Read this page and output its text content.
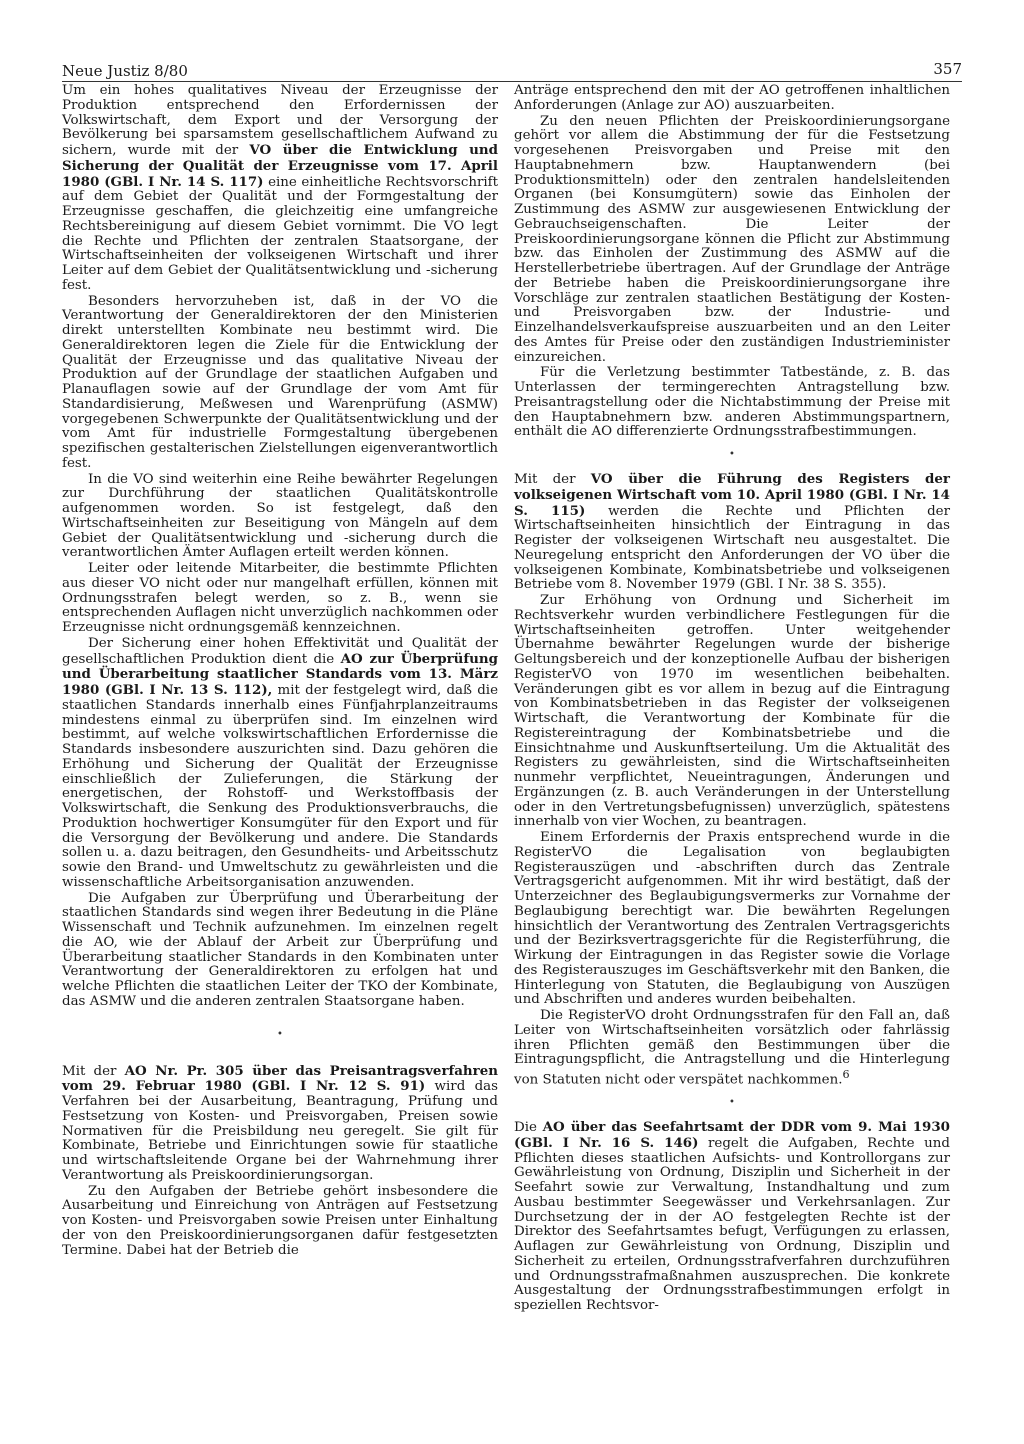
Neue Justiz 8/80	357

Um ein hohes qualitatives Niveau der Erzeugnisse der Produktion entsprechend den Erfordernissen der Volkswirtschaft, dem Export und der Versorgung der Bevölkerung bei sparsamstem gesellschaftlichem Aufwand zu sichern, wurde mit der VO über die Entwicklung und Sicherung der Qualität der Erzeugnisse vom 17. April 1980 (GBl. I Nr. 14 S. 117) eine einheitliche Rechtsvorschrift auf dem Gebiet der Qualität und der Formgestaltung der Erzeugnisse geschaffen, die gleichzeitig eine umfangreiche Rechtsbereinigung auf diesem Gebiet vornimmt. Die VO legt die Rechte und Pflichten der zentralen Staatsorgane, der Wirtschaftseinheiten der volkseigenen Wirtschaft und ihrer Leiter auf dem Gebiet der Qualitätsentwicklung und -sicherung fest.

Besonders hervorzuheben ist, daß in der VO die Verantwortung der Generaldirektoren der den Ministerien direkt unterstellten Kombinate neu bestimmt wird. Die Generaldirektoren legen die Ziele für die Entwicklung der Qualität der Erzeugnisse und das qualitative Niveau der Produktion auf der Grundlage der staatlichen Aufgaben und Planauflagen sowie auf der Grundlage der vom Amt für Standardisierung, Meßwesen und Warenprüfung (ASMW) vorgegebenen Schwerpunkte der Qualitätsentwicklung und der vom Amt für industrielle Formgestaltung übergebenen spezifischen gestalterischen Zielstellungen eigenverantwortlich fest.

In die VO sind weiterhin eine Reihe bewährter Regelungen zur Durchführung der staatlichen Qualitätskontrolle aufgenommen worden. So ist festgelegt, daß den Wirtschaftseinheiten zur Beseitigung von Mängeln auf dem Gebiet der Qualitätsentwicklung und -sicherung durch die verantwortlichen Ämter Auflagen erteilt werden können.

Leiter oder leitende Mitarbeiter, die bestimmte Pflichten aus dieser VO nicht oder nur mangelhaft erfüllen, können mit Ordnungsstrafen belegt werden, so z. B., wenn sie entsprechenden Auflagen nicht unverzüglich nachkommen oder Erzeugnisse nicht ordnungsgemäß kennzeichnen.

Der Sicherung einer hohen Effektivität und Qualität der gesellschaftlichen Produktion dient die AO zur Überprüfung und Überarbeitung staatlicher Standards vom 13. März 1980 (GBl. I Nr. 13 S. 112), mit der festgelegt wird, daß die staatlichen Standards innerhalb eines Fünfjahrplanzeitraums mindestens einmal zu überprüfen sind. Im einzelnen wird bestimmt, auf welche volkswirtschaftlichen Erfordernisse die Standards insbesondere auszurichten sind. Dazu gehören die Erhöhung und Sicherung der Qualität der Erzeugnisse einschließlich der Zulieferungen, die Stärkung der energetischen, der Rohstoff- und Werkstoffbasis der Volkswirtschaft, die Senkung des Produktionsverbrauchs, die Produktion hochwertiger Konsumgüter für den Export und für die Versorgung der Bevölkerung und andere. Die Standards sollen u. a. dazu beitragen, den Gesundheits- und Arbeitsschutz sowie den Brand- und Umweltschutz zu gewährleisten und die wissenschaftliche Arbeitsorganisation anzuwenden.

Die Aufgaben zur Überprüfung und Überarbeitung der staatlichen Standards sind wegen ihrer Bedeutung in die Pläne Wissenschaft und Technik aufzunehmen. Im einzelnen regelt die AO, wie der Ablauf der Arbeit zur Überprüfung und Überarbeitung staatlicher Standards in den Kombinaten unter Verantwortung der Generaldirektoren zu erfolgen hat und welche Pflichten die staatlichen Leiter der TKO der Kombinate, das ASMW und die anderen zentralen Staatsorgane haben.

•

Mit der AO Nr. Pr. 305 über das Preisantragsverfahren vom 29. Februar 1980 (GBl. I Nr. 12 S. 91) wird das Verfahren bei der Ausarbeitung, Beantragung, Prüfung und Festsetzung von Kosten- und Preisvorgaben, Preisen sowie Normativen für die Preisbildung neu geregelt. Sie gilt für Kombinate, Betriebe und Einrichtungen sowie für staatliche und wirtschaftsleitende Organe bei der Wahrnehmung ihrer Verantwortung als Preiskoordinierungsorgan.

Zu den Aufgaben der Betriebe gehört insbesondere die Ausarbeitung und Einreichung von Anträgen auf Festsetzung von Kosten- und Preisvorgaben sowie Preisen unter Einhaltung der von den Preiskoordinierungsorganen dafür festgesetzten Termine. Dabei hat der Betrieb die

Anträge entsprechend den mit der AO getroffenen inhaltlichen Anforderungen (Anlage zur AO) auszuarbeiten.

Zu den neuen Pflichten der Preiskoordinierungsorgane gehört vor allem die Abstimmung der für die Festsetzung vorgesehenen Preisvorgaben und Preise mit den Hauptabnehmern bzw. Hauptanwendern (bei Produktionsmitteln) oder den zentralen handelsleitenden Organen (bei Konsumgütern) sowie das Einholen der Zustimmung des ASMW zur ausgewiesenen Entwicklung der Gebrauchseigenschaften. Die Leiter der Preiskoordinierungsorgane können die Pflicht zur Abstimmung bzw. das Einholen der Zustimmung des ASMW auf die Herstellerbetriebe übertragen. Auf der Grundlage der Anträge der Betriebe haben die Preiskoordinierungsorgane ihre Vorschläge zur zentralen staatlichen Bestätigung der Kosten- und Preisvorgaben bzw. der Industrie- und Einzelhandelsverkaufspreise auszuarbeiten und an den Leiter des Amtes für Preise oder den zuständigen Industrieminister einzureichen.

Für die Verletzung bestimmter Tatbestände, z. B. das Unterlassen der termingerechten Antragstellung bzw. Preisantragstellung oder die Nichtabstimmung der Preise mit den Hauptabnehmern bzw. anderen Abstimmungspartnern, enthält die AO differenzierte Ordnungsstrafbestimmungen.

•

Mit der VO über die Führung des Registers der volkseigenen Wirtschaft vom 10. April 1980 (GBl. I Nr. 14 S. 115) werden die Rechte und Pflichten der Wirtschaftseinheiten hinsichtlich der Eintragung in das Register der volkseigenen Wirtschaft neu ausgestaltet. Die Neuregelung entspricht den Anforderungen der VO über die volkseigenen Kombinate, Kombinatsbetriebe und volkseigenen Betriebe vom 8. November 1979 (GBl. I Nr. 38 S. 355).

Zur Erhöhung von Ordnung und Sicherheit im Rechtsverkehr wurden verbindlichere Festlegungen für die Wirtschaftseinheiten getroffen. Unter weitgehender Übernahme bewährter Regelungen wurde der bisherige Geltungsbereich und der konzeptionelle Aufbau der bisherigen RegisterVO von 1970 im wesentlichen beibehalten. Veränderungen gibt es vor allem in bezug auf die Eintragung von Kombinatsbetrieben in das Register der volkseigenen Wirtschaft, die Verantwortung der Kombinate für die Registereintragung der Kombinatsbetriebe und die Einsichtnahme und Auskunftserteilung. Um die Aktualität des Registers zu gewährleisten, sind die Wirtschaftseinheiten nunmehr verpflichtet, Neueintragungen, Änderungen und Ergänzungen (z. B. auch Veränderungen in der Unterstellung oder in den Vertretungsbefugnissen) unverzüglich, spätestens innerhalb von vier Wochen, zu beantragen.

Einem Erfordernis der Praxis entsprechend wurde in die RegisterVO die Legalisation von beglaubigten Registerauszügen und -abschriften durch das Zentrale Vertragsgericht aufgenommen. Mit ihr wird bestätigt, daß der Unterzeichner des Beglaubigungsvermerks zur Vornahme der Beglaubigung berechtigt war. Die bewährten Regelungen hinsichtlich der Verantwortung des Zentralen Vertragsgerichts und der Bezirksvertragsgerichte für die Registerführung, die Wirkung der Eintragungen in das Register sowie die Vorlage des Registerauszuges im Geschäftsverkehr mit den Banken, die Hinterlegung von Statuten, die Beglaubigung von Auszügen und Abschriften und anderes wurden beibehalten.

Die RegisterVO droht Ordnungsstrafen für den Fall an, daß Leiter von Wirtschaftseinheiten vorsätzlich oder fahrlässig ihren Pflichten gemäß den Bestimmungen über die Eintragungspflicht, die Antragstellung und die Hinterlegung von Statuten nicht oder verspätet nachkommen.$^6$

•

Die AO über das Seefahrtsamt der DDR vom 9. Mai 1930 (GBl. I Nr. 16 S. 146) regelt die Aufgaben, Rechte und Pflichten dieses staatlichen Aufsichts- und Kontrollorgans zur Gewährleistung von Ordnung, Disziplin und Sicherheit in der Seefahrt sowie zur Verwaltung, Instandhaltung und zum Ausbau bestimmter Seegewässer und Verkehrsanlagen. Zur Durchsetzung der in der AO festgelegten Rechte ist der Direktor des Seefahrtsamtes befugt, Verfügungen zu erlassen, Auflagen zur Gewährleistung von Ordnung, Disziplin und Sicherheit zu erteilen, Ordnungsstrafverfahren durchzuführen und Ordnungsstrafmaßnahmen auszusprechen. Die konkrete Ausgestaltung der Ordnungsstrafbestimmungen erfolgt in speziellen Rechtsvor-
